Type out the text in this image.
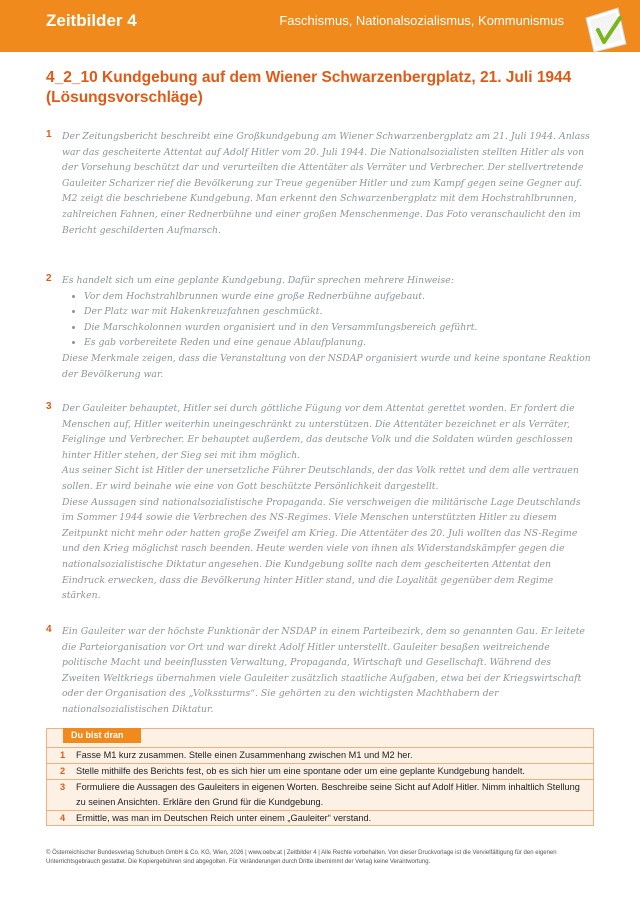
Zeitbilder 4	Faschismus, Nationalsozialismus, Kommunismus
4_2_10 Kundgebung auf dem Wiener Schwarzenbergplatz, 21. Juli 1944 (Lösungsvorschläge)
1 Der Zeitungsbericht beschreibt eine Großkundgebung am Wiener Schwarzenbergplatz am 21. Juli 1944. Anlass war das gescheiterte Attentat auf Adolf Hitler vom 20. Juli 1944. Die Nationalsozialisten stellten Hitler als von der Vorsehung beschützt dar und verurteilten die Attentäter als Verräter und Verbrecher. Der stellvertretende Gauleiter Scharizer rief die Bevölkerung zur Treue gegenüber Hitler und zum Kampf gegen seine Gegner auf.

M2 zeigt die beschriebene Kundgebung. Man erkennt den Schwarzenbergplatz mit dem Hochstrahlbrunnen, zahlreichen Fahnen, einer Rednerbühne und einer großen Menschenmenge. Das Foto veranschaulicht den im Bericht geschilderten Aufmarsch.

2 Es handelt sich um eine geplante Kundgebung. Dafür sprechen mehrere Hinweise:

• Vor dem Hochstrahlbrunnen wurde eine große Rednerbühne aufgebaut.
• Der Platz war mit Hakenkreuzfahnen geschmückt.
• Die Marschkolonnen wurden organisiert und in den Versammlungsbereich geführt.
• Es gab vorbereitete Reden und eine genaue Ablaufplanung.

Diese Merkmale zeigen, dass die Veranstaltung von der NSDAP organisiert wurde und keine spontane Reaktion der Bevölkerung war.

3 Der Gauleiter behauptet, Hitler sei durch göttliche Fügung vor dem Attentat gerettet worden. Er fordert die Menschen auf, Hitler weiterhin uneingeschränkt zu unterstützen. Die Attentäter bezeichnet er als Verräter, Feiglinge und Verbrecher. Er behauptet außerdem, das deutsche Volk und die Soldaten würden geschlossen hinter Hitler stehen, der Sieg sei mit ihm möglich.

Aus seiner Sicht ist Hitler der unersetzliche Führer Deutschlands, der das Volk rettet und dem alle vertrauen sollen. Er wird beinahe wie eine von Gott beschützte Persönlichkeit dargestellt.

Diese Aussagen sind nationalsozialistische Propaganda. Sie verschweigen die militärische Lage Deutschlands im Sommer 1944 sowie die Verbrechen des NS-Regimes. Viele Menschen unterstützten Hitler zu diesem Zeitpunkt nicht mehr oder hatten große Zweifel am Krieg. Die Attentäter des 20. Juli wollten das NS-Regime und den Krieg möglichst rasch beenden. Heute werden viele von ihnen als Widerstandskämpfer gegen die nationalsozialistische Diktatur angesehen. Die Kundgebung sollte nach dem gescheiterten Attentat den Eindruck erwecken, dass die Bevölkerung hinter Hitler stand, und die Loyalität gegenüber dem Regime stärken.

4 Ein Gauleiter war der höchste Funktionär der NSDAP in einem Parteibezirk, dem so genannten Gau. Er leitete die Parteiorganisation vor Ort und war direkt Adolf Hitler unterstellt. Gauleiter besaßen weitreichende politische Macht und beeinflussten Verwaltung, Propaganda, Wirtschaft und Gesellschaft. Während des Zweiten Weltkriegs übernahmen viele Gauleiter zusätzlich staatliche Aufgaben, etwa bei der Kriegswirtschaft oder der Organisation des „Volkssturms“. Sie gehörten zu den wichtigsten Machthabern der nationalsozialistischen Diktatur.

Du bist dran
1 Fasse M1 kurz zusammen. Stelle einen Zusammenhang zwischen M1 und M2 her.
2 Stelle mithilfe des Berichts fest, ob es sich hier um eine spontane oder um eine geplante Kundgebung handelt.
3 Formuliere die Aussagen des Gauleiters in eigenen Worten. Beschreibe seine Sicht auf Adolf Hitler. Nimm inhaltlich Stellung zu seinen Ansichten. Erkläre den Grund für die Kundgebung.
4 Ermittle, was man im Deutschen Reich unter einem „Gauleiter“ verstand.
© Österreichischer Bundesverlag Schulbuch GmbH & Co. KG, Wien, 2026 | www.oebv.at | Zeitbilder 4 | Alle Rechte vorbehalten. Von dieser Druckvorlage ist die Vervielfältigung für den eigenen Unterrichtsgebrauch gestattet. Die Kopiergebühren sind abgegolten. Für Veränderungen durch Dritte übernimmt der Verlag keine Verantwortung.
